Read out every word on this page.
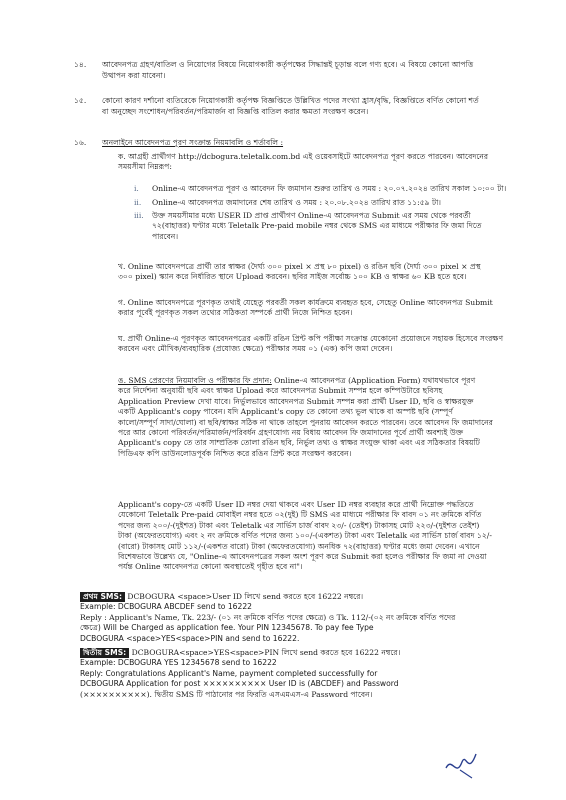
১৪.	আবেদনপত্র গ্রহণ/বাতিল ও নিয়োগের বিষয়ে নিয়োগকারী কর্তৃপক্ষের সিদ্ধান্তই চূড়ান্ত বলে গণ্য হবে। এ বিষয়ে কোনো আপত্তি
উত্থাপন করা যাবেনা।
১৫.	কোনো কারণ দর্শানো ব্যতিরেকে নিয়োগকারী কর্তৃপক্ষ বিজ্ঞপ্তিতে উল্লিখিত পদের সংখ্যা হ্রাস/বৃদ্ধি, বিজ্ঞপ্তিতে বর্ণিত কোনো শর্ত
বা অনুচ্ছেদ সংশোধন/পরিবর্তন/পরিমার্জন বা বিজ্ঞপ্তি বাতিল করার ক্ষমতা সংরক্ষণ করেন।
১৬.	অনলাইনে আবেদনপত্র পূরণ সংক্রান্ত নিয়মাবলি ও শর্তাবলি :
ক. আগ্রহী প্রার্থীগণ http://dcbogura.teletalk.com.bd এই ওয়েবসাইটে আবেদনপত্র পূরণ করতে পারবেন। আবেদনের
সময়সীমা নিম্নরূপ:
i. Online-এ আবেদনপত্র পূরণ ও আবেদন ফি জমাদান শুরুর তারিখ ও সময় : ২০.০৭.২০২৪ তারিখ সকাল ১০:০০ টা।
ii. Online-এ আবেদনপত্র জমাদানের শেষ তারিখ ও সময় : ২০.০৮.২০২৪ তারিখ রাত ১১:৫৯ টা।
iii. উক্ত সময়সীমার মধ্যে USER ID প্রাপ্ত প্রার্থীগণ Online-এ আবেদনপত্র Submit এর সময় থেকে পরবর্তী
৭২(বাহাত্তর) ঘণ্টার মধ্যে Teletalk Pre-paid mobile নম্বর থেকে SMS এর মাধ্যমে পরীক্ষার ফি জমা দিতে
পারবেন।
খ. Online আবেদনপত্রে প্রার্থী তার স্বাক্ষর (দৈর্ঘ্য ৩০০ pixel × প্রস্থ ৮০ pixel) ও রঙিন ছবি (দৈর্ঘ্য ৩০০ pixel × প্রস্থ
৩০০ pixel) স্ক্যান করে নির্ধারিত স্থানে Upload করবেন। ছবির সাইজ সর্বোচ্চ ১০০ KB ও স্বাক্ষর ৬০ KB হতে হবে।
গ. Online আবেদনপত্রে পূরণকৃত তথ্যই যেহেতু পরবর্তী সকল কার্যক্রমে ব্যবহৃত হবে, সেহেতু Online আবেদনপত্র Submit
করার পূর্বেই পূরণকৃত সকল তথ্যের সঠিকতা সম্পর্কে প্রার্থী নিজে নিশ্চিত হবেন।
ঘ. প্রার্থী Online-এ পূরণকৃত আবেদনপত্রের একটি রঙিন প্রিন্ট কপি পরীক্ষা সংক্রান্ত যেকোনো প্রয়োজনে সহায়ক হিসেবে সংরক্ষণ
করবেন এবং মৌখিক/ব্যবহারিক (প্রযোজ্য ক্ষেত্রে) পরীক্ষার সময় ০১ (এক) কপি জমা দেবেন।
ঙ. SMS প্রেরণের নিয়মাবলি ও পরীক্ষার ফি প্রদান: Online-এ আবেদনপত্র (Application Form) যথাযথভাবে পূরণ
করে নির্দেশনা অনুযায়ী ছবি এবং স্বাক্ষর Upload করে আবেদনপত্র Submit সম্পন্ন হলে কম্পিউটারে ছবিসহ
Application Preview দেখা যাবে। নির্ভুলভাবে আবেদনপত্র Submit সম্পন্ন করা প্রার্থী User ID, ছবি ও স্বাক্ষরযুক্ত
একটি Applicant's copy পাবেন। যদি Applicant's copy তে কোনো তথ্য ভুল থাকে বা অস্পষ্ট ছবি (সম্পূর্ণ
কালো/সম্পূর্ণ সাদা/ঘোলা) বা ছবি/স্বাক্ষর সঠিক না থাকে তাহলে পুনরায় আবেদন করতে পারবেন। তবে আবেদন ফি জমাদানের
পরে আর কোনো পরিবর্তন/পরিমার্জন/পরিবর্ধন গ্রহণযোগ্য নয় বিধায় আবেদন ফি জমাদানের পূর্বে প্রার্থী অবশ্যই উক্ত
Applicant's copy তে তার সাম্প্রতিক তোলা রঙিন ছবি, নির্ভুল তথ্য ও স্বাক্ষর সংযুক্ত থাকা এবং এর সঠিকতার বিষয়টি
পিডিএফ কপি ডাউনলোডপূর্বক নিশ্চিত করে রঙিন প্রিন্ট করে সংরক্ষণ করবেন।
Applicant's copy-তে একটি User ID নম্বর দেয়া থাকবে এবং User ID নম্বর ব্যবহার করে প্রার্থী নিম্নোক্ত পদ্ধতিতে
যেকোনো Teletalk Pre-paid মোবাইল নম্বর হতে ০২(দুই) টি SMS এর মাধ্যমে পরীক্ষার ফি বাবদ ০১ নং ক্রমিকে বর্ণিত
পদের জন্য ২০০/-(দুইশত) টাকা এবং Teletalk এর সার্ভিস চার্জ বাবদ ২৩/- (তেইশ) টাকাসহ মোট ২২৩/-(দুইশত তেইশ)
টাকা (অফেরতযোগ্য) এবং ২ নং ক্রমিকে বর্ণিত পদের জন্য ১০০/-(একশত) টাকা এবং Teletalk এর সার্ভিস চার্জ বাবদ ১২/-
(বারো) টাকাসহ মোট ১১২/-(একশত বারো) টাকা (অফেরতযোগ্য) অনধিক ৭২(বাহাত্তর) ঘণ্টার মধ্যে জমা দেবেন। এখানে
বিশেষভাবে উল্লেখ্য যে, "Online-এ আবেদনপত্রের সকল অংশ পূরণ করে Submit করা হলেও পরীক্ষার ফি জমা না দেওয়া
পর্যন্ত Online আবেদনপত্র কোনো অবস্থাতেই গৃহীত হবে না"।
প্রথম SMS: DCBOGURA <space>User ID লিখে send করতে হবে 16222 নম্বরে।
Example: DCBOGURA ABCDEF send to 16222
Reply : Applicant's Name, Tk. 223/- (০১ নং ক্রমিকে বর্ণিত পদের ক্ষেত্রে) ও Tk. 112/-(০২ নং ক্রমিকে বর্ণিত পদের
ক্ষেত্রে) Will be Charged as application fee. Your PIN 12345678. To pay fee Type
DCBOGURA <space>YES<space>PIN and send to 16222.
দ্বিতীয় SMS: DCBOGURA<space>YES<space>PIN লিখে send করতে হবে 16222 নম্বরে।
Example: DCBOGURA YES 12345678 send to 16222
Reply: Congratulations Applicant's Name, payment completed successfully for
DCBOGURA Application for post ×××××××××× User ID is (ABCDEF) and Password
(××××××××××). দ্বিতীয় SMS টি পাঠানোর পর ফিরতি এসএমএস-এ Password পাবেন।
